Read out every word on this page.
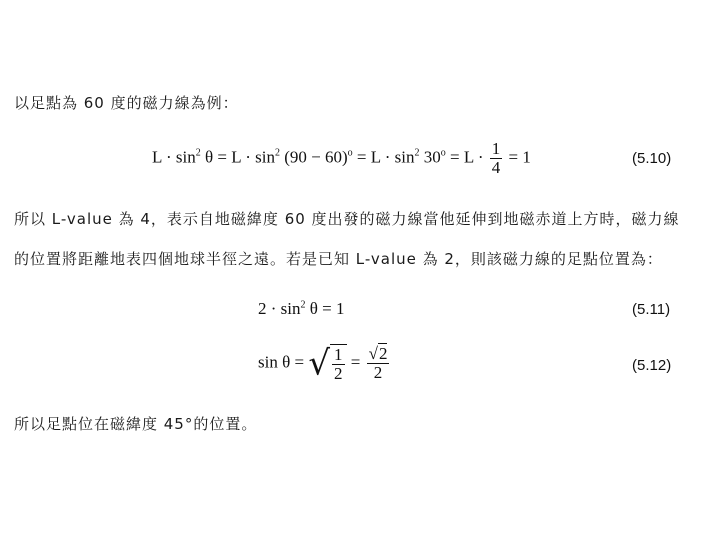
以足點為 60 度的磁力線為例：
$L \cdot \sin^2 \theta = L \cdot \sin^2 (90 - 60)^o = L \cdot \sin^2 30^o = L \cdot \frac{1}{4} = 1$	(5.10)
所以 L-value 為 4，表示自地磁緯度 60 度出發的磁力線當他延伸到地磁赤道上方時，磁力線
的位置將距離地表四個地球半徑之遠。若是已知 L-value 為 2，則該磁力線的足點位置為：
$2 \cdot \sin^2 \theta = 1$	(5.11)
sin θ = √ $\frac{1}{2} = \frac{√2}{2}$	(5.12)
所以足點位在磁緯度 45°的位置。
